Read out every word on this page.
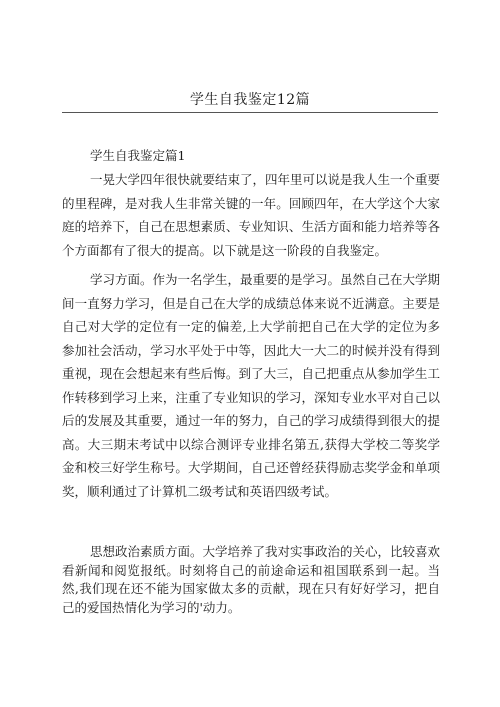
学生自我鉴定12篇
学生自我鉴定篇1

一晃大学四年很快就要结束了，四年里可以说是我人生一个重要的里程碑，是对我人生非常关键的一年。回顾四年，在大学这个大家庭的培养下，自己在思想素质、专业知识、生活方面和能力培养等各个方面都有了很大的提高。以下就是这一阶段的自我鉴定。

学习方面。作为一名学生，最重要的是学习。虽然自己在大学期间一直努力学习，但是自己在大学的成绩总体来说不近满意。主要是自己对大学的定位有一定的偏差,上大学前把自己在大学的定位为多参加社会活动，学习水平处于中等，因此大一大二的时候并没有得到重视，现在会想起来有些后悔。到了大三，自己把重点从参加学生工作转移到学习上来，注重了专业知识的学习，深知专业水平对自己以后的发展及其重要，通过一年的努力，自己的学习成绩得到很大的提高。大三期末考试中以综合测评专业排名第五,获得大学校二等奖学金和校三好学生称号。大学期间，自己还曾经获得励志奖学金和单项奖，顺利通过了计算机二级考试和英语四级考试。

思想政治素质方面。大学培养了我对实事政治的关心，比较喜欢看新闻和阅览报纸。时刻将自己的前途命运和祖国联系到一起。当然,我们现在还不能为国家做太多的贡献，现在只有好好学习，把自己的爱国热情化为学习的'动力。
